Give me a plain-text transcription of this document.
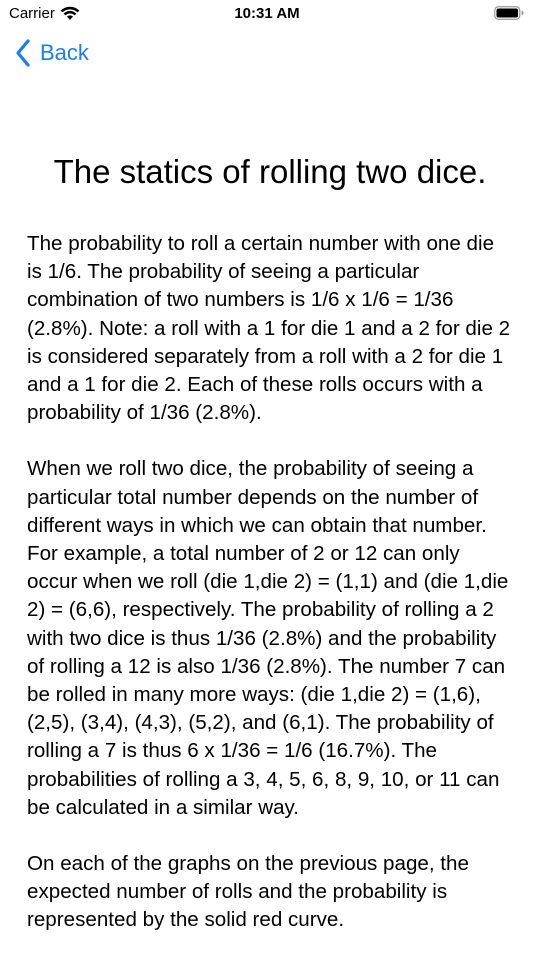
Carrier	10:31 AM
Back
The statics of rolling two dice.

The probability to roll a certain number with one die is 1/6. The probability of seeing a particular combination of two numbers is 1/6 x 1/6 = 1/36 (2.8%). Note: a roll with a 1 for die 1 and a 2 for die 2 is considered separately from a roll with a 2 for die 1 and a 1 for die 2. Each of these rolls occurs with a probability of 1/36 (2.8%).

When we roll two dice, the probability of seeing a particular total number depends on the number of different ways in which we can obtain that number. For example, a total number of 2 or 12 can only occur when we roll (die 1,die 2) = (1,1) and (die 1,die 2) = (6,6), respectively. The probability of rolling a 2 with two dice is thus 1/36 (2.8%) and the probability of rolling a 12 is also 1/36 (2.8%). The number 7 can be rolled in many more ways: (die 1,die 2) = (1,6), (2,5), (3,4), (4,3), (5,2), and (6,1). The probability of rolling a 7 is thus 6 x 1/36 = 1/6 (16.7%). The probabilities of rolling a 3, 4, 5, 6, 8, 9, 10, or 11 can be calculated in a similar way.

On each of the graphs on the previous page, the expected number of rolls and the probability is represented by the solid red curve.
